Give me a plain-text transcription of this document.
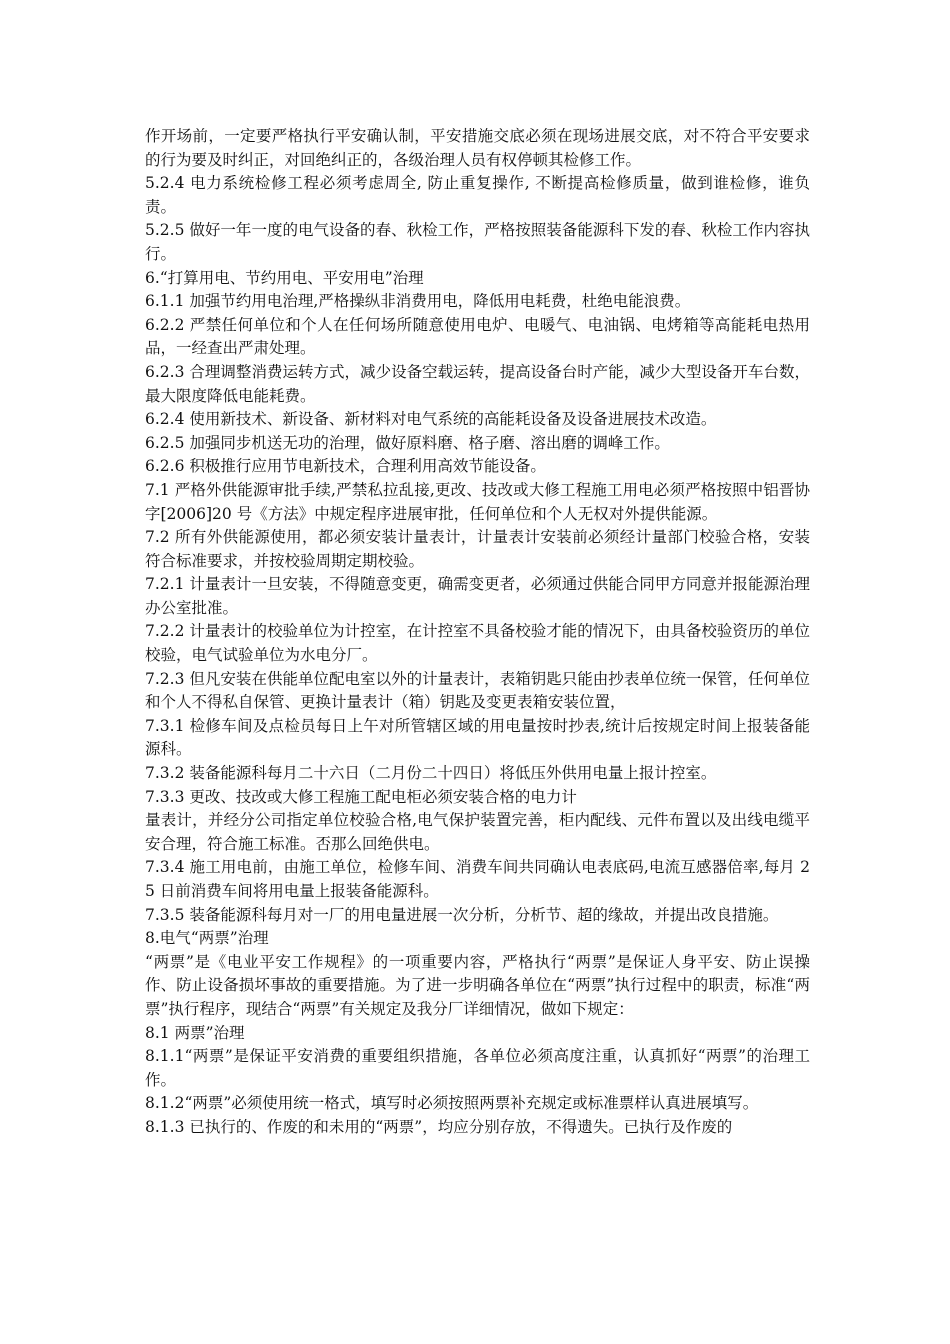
作开场前，一定要严格执行平安确认制，平安措施交底必须在现场进展交底，对不符合平安要求的行为要及时纠正，对回绝纠正的，各级治理人员有权停顿其检修工作。

5.2.4 电力系统检修工程必须考虑周全, 防止重复操作, 不断提高检修质量，做到谁检修，谁负责。

5.2.5 做好一年一度的电气设备的春、秋检工作，严格按照装备能源科下发的春、秋检工作内容执行。

6.“打算用电、节约用电、平安用电”治理

6.1.1 加强节约用电治理,严格操纵非消费用电，降低用电耗费，杜绝电能浪费。

6.2.2 严禁任何单位和个人在任何场所随意使用电炉、电暖气、电油锅、电烤箱等高能耗电热用品，一经查出严肃处理。

6.2.3 合理调整消费运转方式，减少设备空载运转，提高设备台时产能，减少大型设备开车台数，最大限度降低电能耗费。

6.2.4 使用新技术、新设备、新材料对电气系统的高能耗设备及设备进展技术改造。

6.2.5 加强同步机送无功的治理，做好原料磨、格子磨、溶出磨的调峰工作。

6.2.6 积极推行应用节电新技术，合理利用高效节能设备。

7.1 严格外供能源审批手续,严禁私拉乱接,更改、技改或大修工程施工用电必须严格按照中铝晋协字[2006]20 号《方法》中规定程序进展审批，任何单位和个人无权对外提供能源。

7.2 所有外供能源使用，都必须安装计量表计，计量表计安装前必须经计量部门校验合格，安装符合标准要求，并按校验周期定期校验。

7.2.1 计量表计一旦安装，不得随意变更，确需变更者，必须通过供能合同甲方同意并报能源治理办公室批准。

7.2.2 计量表计的校验单位为计控室，在计控室不具备校验才能的情况下，由具备校验资历的单位校验，电气试验单位为水电分厂。

7.2.3 但凡安装在供能单位配电室以外的计量表计，表箱钥匙只能由抄表单位统一保管，任何单位和个人不得私自保管、更换计量表计（箱）钥匙及变更表箱安装位置，

7.3.1 检修车间及点检员每日上午对所管辖区域的用电量按时抄表,统计后按规定时间上报装备能源科。

7.3.2 装备能源科每月二十六日（二月份二十四日）将低压外供用电量上报计控室。

7.3.3 更改、技改或大修工程施工配电柜必须安装合格的电力计

量表计，并经分公司指定单位校验合格,电气保护装置完善，柜内配线、元件布置以及出线电缆平安合理，符合施工标准。否那么回绝供电。

7.3.4 施工用电前，由施工单位，检修车间、消费车间共同确认电表底码,电流互感器倍率,每月 25 日前消费车间将用电量上报装备能源科。

7.3.5 装备能源科每月对一厂的用电量进展一次分析，分析节、超的缘故，并提出改良措施。

8.电气“两票”治理

“两票”是《电业平安工作规程》的一项重要内容，严格执行“两票”是保证人身平安、防止误操作、防止设备损坏事故的重要措施。为了进一步明确各单位在“两票”执行过程中的职责，标准“两票”执行程序，现结合“两票”有关规定及我分厂详细情况，做如下规定：

8.1 两票”治理

8.1.1“两票”是保证平安消费的重要组织措施，各单位必须高度注重，认真抓好“两票”的治理工作。

8.1.2“两票”必须使用统一格式，填写时必须按照两票补充规定或标准票样认真进展填写。

8.1.3 已执行的、作废的和未用的“两票”，均应分别存放，不得遗失。已执行及作废的
